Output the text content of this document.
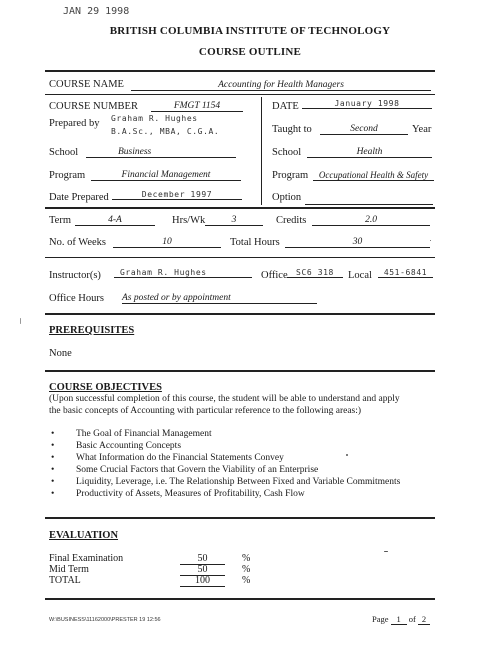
JAN 29 1998
BRITISH COLUMBIA INSTITUTE OF TECHNOLOGY
COURSE OUTLINE
COURSE NAME	Accounting for Health Managers
COURSE NUMBER	FMGT 1154	DATE	January 1998
Prepared by Graham R. Hughes
B.A.Sc., MBA, C.G.A.	Taught to	Second	Year
School	Business	School	Health
Program	Financial Management	Program	Occupational Health & Safety
Date Prepared	December 1997	Option
Term	4-A	Hrs/Wk	3	Credits	2.0
No. of Weeks	10	Total Hours	30
Instructor(s)	Graham R. Hughes	Office	SC6 318	Local	451-6841
Office Hours As posted or by appointment
PREREQUISITES
None
COURSE OBJECTIVES
(Upon successful completion of this course, the student will be able to understand and apply
the basic concepts of Accounting with particular reference to the following areas:)
• The Goal of Financial Management
• Basic Accounting Concepts
• What Information do the Financial Statements Convey
• Some Crucial Factors that Govern the Viability of an Enterprise
• Liquidity, Leverage, i.e. The Relationship Between Fixed and Variable Commitments
• Productivity of Assets, Measures of Profitability, Cash Flow
EVALUATION
Final Examination	50	%
Mid Term	50	%
TOTAL	100	%
W:\BUSINESS\11162000\PRESTER 19 12:56	Page 1 of 2
